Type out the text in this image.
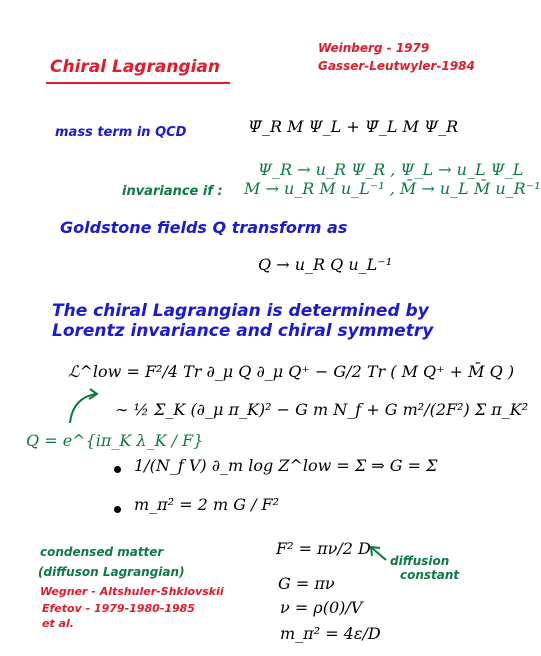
Chiral Lagrangian
Weinberg - 1979
Gasser-Leutwyler-1984
mass term in QCD	Ψ̄_R M Ψ_L + Ψ̄_L M Ψ_R
Ψ_R → u_R Ψ_R , Ψ_L → u_L Ψ_L
invariance if : M → u_R M u_L⁻¹ , M̄ → u_L M̄ u_R⁻¹
Goldstone fields Q transform as
Q → u_R Q u_L⁻¹
The chiral Lagrangian is determined by
Lorentz invariance and chiral symmetry
ℒ^low = F²/4 Tr ∂_μ Q ∂_μ Q⁺ − G/2 Tr ( M Q⁺ + M̄ Q )
∼ ½ Σ_K (∂_μ π_K)² − G m N_f + G m²/(2F²) Σ π_K²
Q = e^{iπ_K λ_K / F}
1/(N_f V) ∂_m log Z^low = Σ ⇒ G = Σ
m_π² = 2 m G / F²
condensed matter
(diffuson Lagrangian)
Wegner - Altshuler-Shklovskii
Efetov - 1979-1980-1985
et al.
F² = πν/2 D
diffusion
constant
G = πν
ν = ρ(0)/V
m_π² = 4ε/D
